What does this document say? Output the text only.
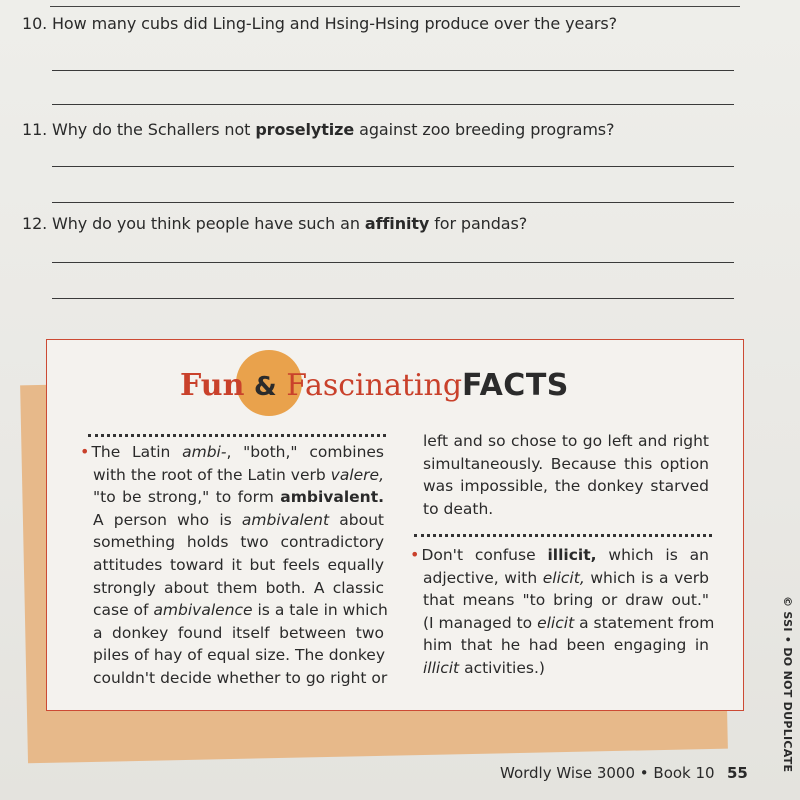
10. How many cubs did Ling-Ling and Hsing-Hsing produce over the years?
11. Why do the Schallers not proselytize against zoo breeding programs?
12. Why do you think people have such an affinity for pandas?
Fun & FascinatingFACTS
• The Latin ambi-, "both," combines
with the root of the Latin verb valere,
"to be strong," to form ambivalent.
A person who is ambivalent about
something holds two contradictory
attitudes toward it but feels equally
strongly about them both. A classic
case of ambivalence is a tale in which
a donkey found itself between two
piles of hay of equal size. The donkey
couldn't decide whether to go right or
left and so chose to go left and right
simultaneously. Because this option
was impossible, the donkey starved
to death.
• Don't confuse illicit, which is an
adjective, with elicit, which is a verb
that means "to bring or draw out."
(I managed to elicit a statement from
him that he had been engaging in
illicit activities.)	© SSI • DO NOT DUPLICATE
Wordly Wise 3000 • Book 10 55
